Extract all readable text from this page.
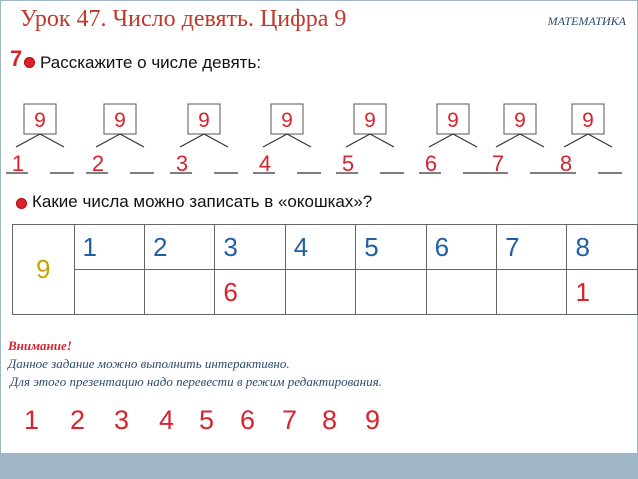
Урок 47. Число девять. Цифра 9	МАТЕМАТИКА
7 Расскажите о числе девять:
9
1
9
2
9
3
9
4
9
5
9
6
9
7
9
8
Какие числа можно записать в «окошках»?
9	1	2	3	4	5	6	7	8
			6					1
Внимание!
Данное задание можно выполнить интерактивно.
Для этого презентацию надо перевести в режим редактирования.
1 2 3 4 5 6 7 8 9
